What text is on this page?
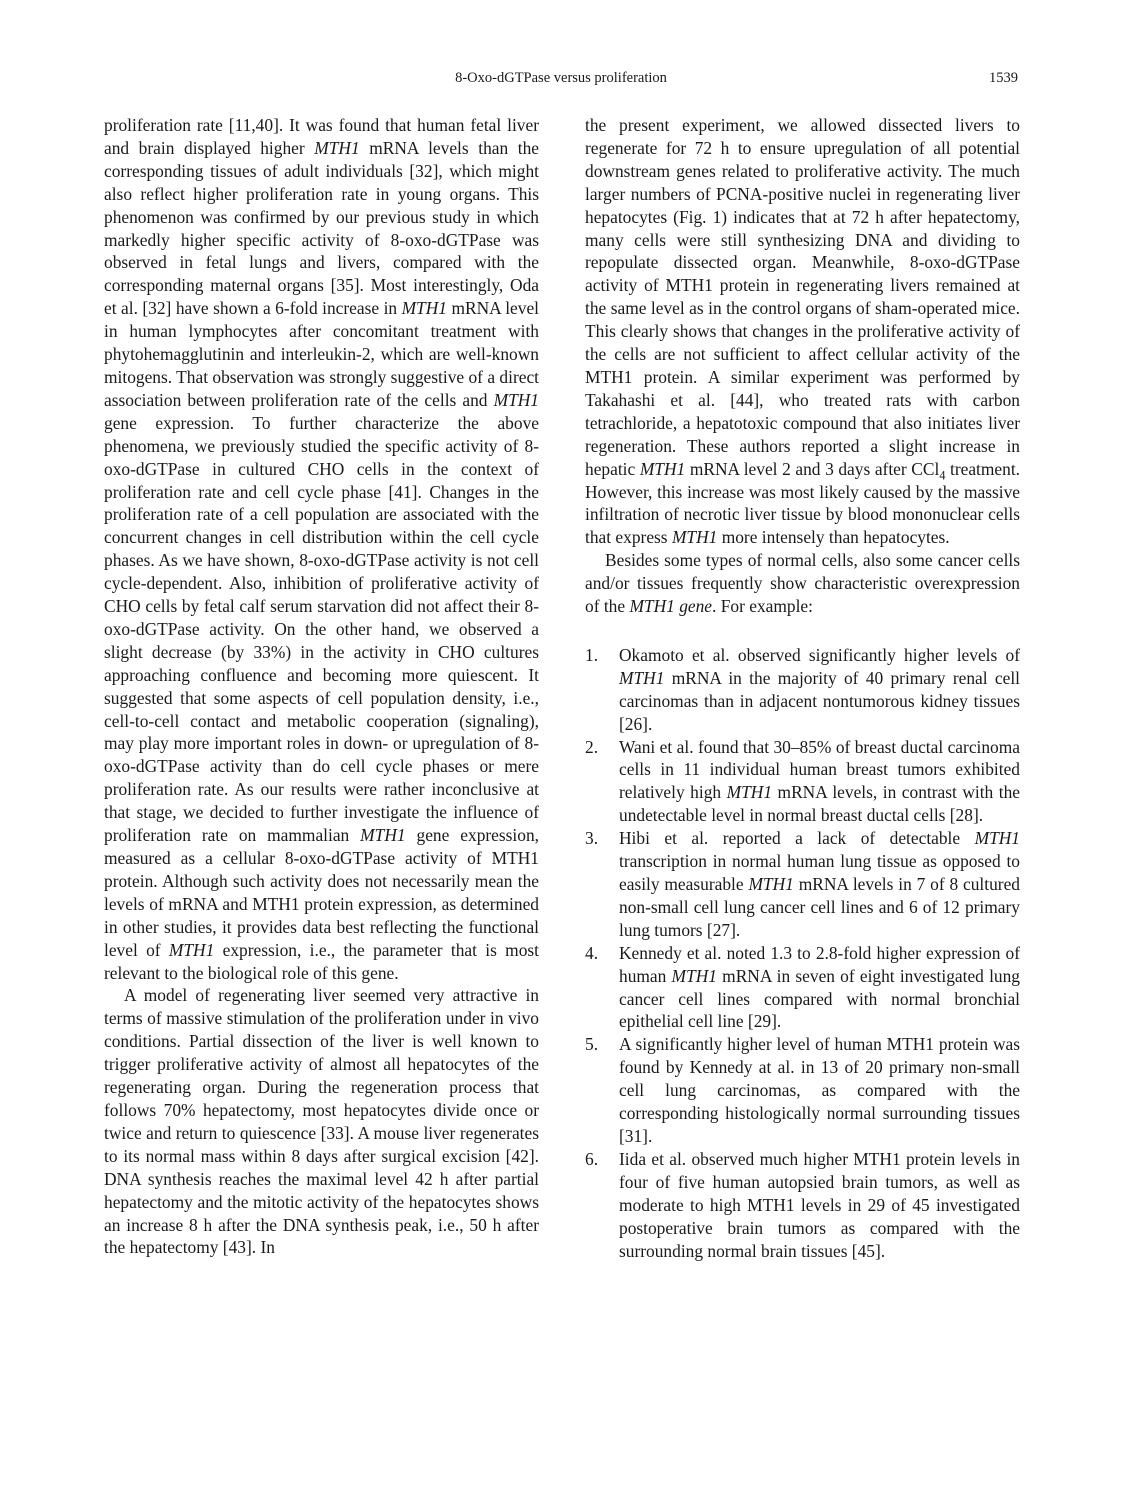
8-Oxo-dGTPase versus proliferation	1539

proliferation rate [11,40]. It was found that human fetal liver and brain displayed higher MTH1 mRNA levels than the corresponding tissues of adult individuals [32], which might also reflect higher proliferation rate in young organs. This phenomenon was confirmed by our previous study in which markedly higher specific activity of 8-oxo-dGTPase was observed in fetal lungs and livers, compared with the corresponding maternal organs [35]. Most interestingly, Oda et al. [32] have shown a 6-fold increase in MTH1 mRNA level in human lymphocytes after concomitant treatment with phytohemagglutinin and interleukin-2, which are well-known mitogens. That observation was strongly suggestive of a direct association between proliferation rate of the cells and MTH1 gene expression. To further characterize the above phenomena, we previously studied the specific activity of 8-oxo-dGTPase in cultured CHO cells in the context of proliferation rate and cell cycle phase [41]. Changes in the proliferation rate of a cell population are associated with the concurrent changes in cell distribution within the cell cycle phases. As we have shown, 8-oxo-dGTPase activity is not cell cycle-dependent. Also, inhibition of proliferative activity of CHO cells by fetal calf serum starvation did not affect their 8-oxo-dGTPase activity. On the other hand, we observed a slight decrease (by 33%) in the activity in CHO cultures approaching confluence and becoming more quiescent. It suggested that some aspects of cell population density, i.e., cell-to-cell contact and metabolic cooperation (signaling), may play more important roles in down- or upregulation of 8-oxo-dGTPase activity than do cell cycle phases or mere proliferation rate. As our results were rather inconclusive at that stage, we decided to further investigate the influence of proliferation rate on mammalian MTH1 gene expression, measured as a cellular 8-oxo-dGTPase activity of MTH1 protein. Although such activity does not necessarily mean the levels of mRNA and MTH1 protein expression, as determined in other studies, it provides data best reflecting the functional level of MTH1 expression, i.e., the parameter that is most relevant to the biological role of this gene.

A model of regenerating liver seemed very attractive in terms of massive stimulation of the proliferation under in vivo conditions. Partial dissection of the liver is well known to trigger proliferative activity of almost all hepatocytes of the regenerating organ. During the regeneration process that follows 70% hepatectomy, most hepatocytes divide once or twice and return to quiescence [33]. A mouse liver regenerates to its normal mass within 8 days after surgical excision [42]. DNA synthesis reaches the maximal level 42 h after partial hepatectomy and the mitotic activity of the hepatocytes shows an increase 8 h after the DNA synthesis peak, i.e., 50 h after the hepatectomy [43]. In

the present experiment, we allowed dissected livers to regenerate for 72 h to ensure upregulation of all potential downstream genes related to proliferative activity. The much larger numbers of PCNA-positive nuclei in regenerating liver hepatocytes (Fig. 1) indicates that at 72 h after hepatectomy, many cells were still synthesizing DNA and dividing to repopulate dissected organ. Meanwhile, 8-oxo-dGTPase activity of MTH1 protein in regenerating livers remained at the same level as in the control organs of sham-operated mice. This clearly shows that changes in the proliferative activity of the cells are not sufficient to affect cellular activity of the MTH1 protein. A similar experiment was performed by Takahashi et al. [44], who treated rats with carbon tetrachloride, a hepatotoxic compound that also initiates liver regeneration. These authors reported a slight increase in hepatic MTH1 mRNA level 2 and 3 days after CCl$_4$ treatment. However, this increase was most likely caused by the massive infiltration of necrotic liver tissue by blood mononuclear cells that express MTH1 more intensely than hepatocytes.

Besides some types of normal cells, also some cancer cells and/or tissues frequently show characteristic overexpression of the MTH1 gene. For example:

1. Okamoto et al. observed significantly higher levels of MTH1 mRNA in the majority of 40 primary renal cell carcinomas than in adjacent nontumorous kidney tissues [26].
2. Wani et al. found that 30–85% of breast ductal carcinoma cells in 11 individual human breast tumors exhibited relatively high MTH1 mRNA levels, in contrast with the undetectable level in normal breast ductal cells [28].
3. Hibi et al. reported a lack of detectable MTH1 transcription in normal human lung tissue as opposed to easily measurable MTH1 mRNA levels in 7 of 8 cultured non-small cell lung cancer cell lines and 6 of 12 primary lung tumors [27].
4. Kennedy et al. noted 1.3 to 2.8-fold higher expression of human MTH1 mRNA in seven of eight investigated lung cancer cell lines compared with normal bronchial epithelial cell line [29].
5. A significantly higher level of human MTH1 protein was found by Kennedy at al. in 13 of 20 primary non-small cell lung carcinomas, as compared with the corresponding histologically normal surrounding tissues [31].
6. Iida et al. observed much higher MTH1 protein levels in four of five human autopsied brain tumors, as well as moderate to high MTH1 levels in 29 of 45 investigated postoperative brain tumors as compared with the surrounding normal brain tissues [45].
